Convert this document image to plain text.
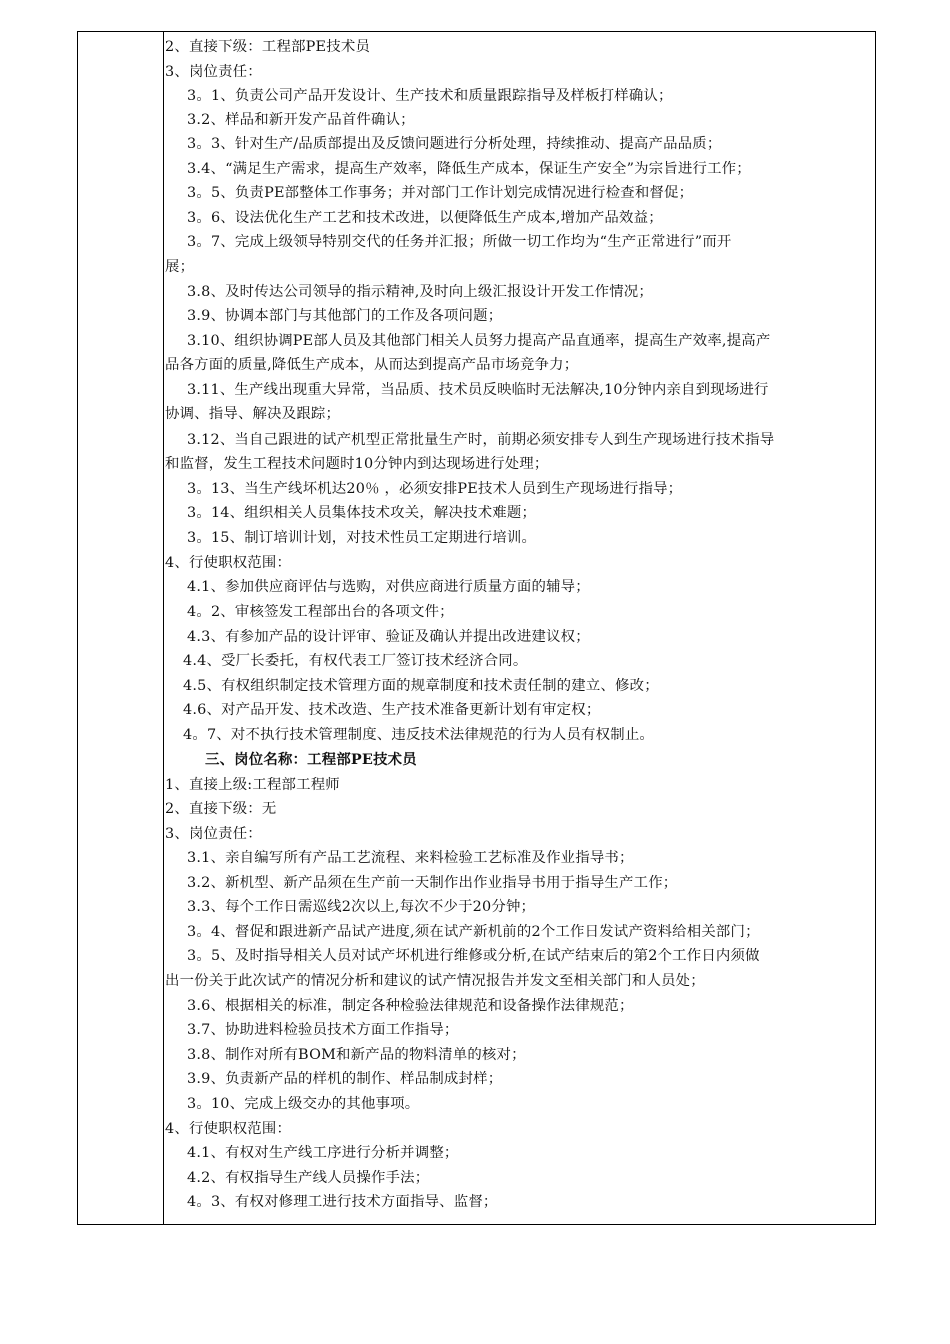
2、直接下级：工程部PE技术员
3、岗位责任：
3。1、负责公司产品开发设计、生产技术和质量跟踪指导及样板打样确认；
3.2、样品和新开发产品首件确认；
3。3、针对生产/品质部提出及反馈问题进行分析处理，持续推动、提高产品品质；
3.4、“满足生产需求，提高生产效率，降低生产成本，保证生产安全”为宗旨进行工作；
3。5、负责PE部整体工作事务；并对部门工作计划完成情况进行检查和督促；
3。6、设法优化生产工艺和技术改进，以便降低生产成本,增加产品效益；
3。7、完成上级领导特别交代的任务并汇报；所做一切工作均为“生产正常进行”而开
展；
3.8、及时传达公司领导的指示精神,及时向上级汇报设计开发工作情况；
3.9、协调本部门与其他部门的工作及各项问题；
3.10、组织协调PE部人员及其他部门相关人员努力提高产品直通率，提高生产效率,提高产
品各方面的质量,降低生产成本，从而达到提高产品市场竞争力；
3.11、生产线出现重大异常，当品质、技术员反映临时无法解决,10分钟内亲自到现场进行
协调、指导、解决及跟踪；
3.12、当自己跟进的试产机型正常批量生产时，前期必须安排专人到生产现场进行技术指导
和监督，发生工程技术问题时10分钟内到达现场进行处理；
3。13、当生产线坏机达20％ ，必须安排PE技术人员到生产现场进行指导；
3。14、组织相关人员集体技术攻关，解决技术难题；
3。15、制订培训计划，对技术性员工定期进行培训。
4、行使职权范围：
4.1、参加供应商评估与选购，对供应商进行质量方面的辅导；
4。2、审核签发工程部出台的各项文件；
4.3、有参加产品的设计评审、验证及确认并提出改进建议权；
4.4、受厂长委托，有权代表工厂签订技术经济合同。
4.5、有权组织制定技术管理方面的规章制度和技术责任制的建立、修改；
4.6、对产品开发、技术改造、生产技术准备更新计划有审定权；
4。7、对不执行技术管理制度、违反技术法律规范的行为人员有权制止。
三、岗位名称：工程部PE技术员
1、直接上级:工程部工程师
2、直接下级：无
3、岗位责任：
3.1、亲自编写所有产品工艺流程、来料检验工艺标准及作业指导书；
3.2、新机型、新产品须在生产前一天制作出作业指导书用于指导生产工作；
3.3、每个工作日需巡线2次以上,每次不少于20分钟；
3。4、督促和跟进新产品试产进度,须在试产新机前的2个工作日发试产资料给相关部门；
3。5、及时指导相关人员对试产坏机进行维修或分析,在试产结束后的第2个工作日内须做
出一份关于此次试产的情况分析和建议的试产情况报告并发文至相关部门和人员处；
3.6、根据相关的标准，制定各种检验法律规范和设备操作法律规范；
3.7、协助进料检验员技术方面工作指导；
3.8、制作对所有BOM和新产品的物料清单的核对；
3.9、负责新产品的样机的制作、样品制成封样；
3。10、完成上级交办的其他事项。
4、行使职权范围：
4.1、有权对生产线工序进行分析并调整；
4.2、有权指导生产线人员操作手法；
4。3、有权对修理工进行技术方面指导、监督；
